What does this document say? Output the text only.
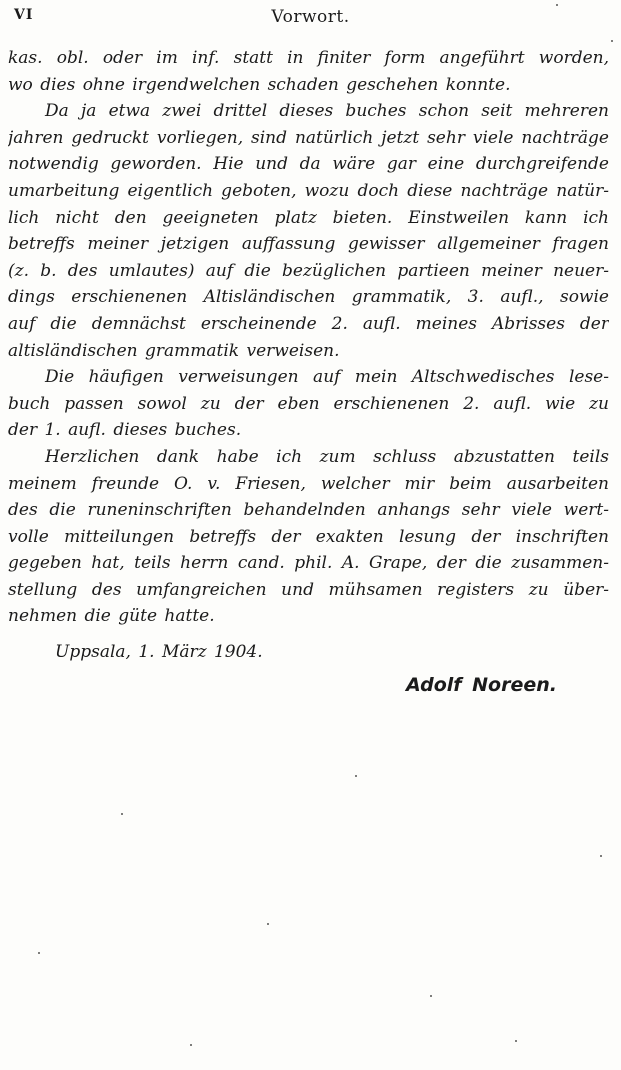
VI	Vorwort.
kas. obl. oder im inf. statt in finiter form angeführt worden,
wo dies ohne irgendwelchen schaden geschehen konnte.
Da ja etwa zwei drittel dieses buches schon seit mehreren
jahren gedruckt vorliegen, sind natürlich jetzt sehr viele nachträge
notwendig geworden. Hie und da wäre gar eine durchgreifende
umarbeitung eigentlich geboten, wozu doch diese nachträge natür-
lich nicht den geeigneten platz bieten. Einstweilen kann ich
betreffs meiner jetzigen auffassung gewisser allgemeiner fragen
(z. b. des umlautes) auf die bezüglichen partieen meiner neuer-
dings erschienenen Altisländischen grammatik, 3. aufl., sowie
auf die demnächst erscheinende 2. aufl. meines Abrisses der
altisländischen grammatik verweisen.
Die häufigen verweisungen auf mein Altschwedisches lese-
buch passen sowol zu der eben erschienenen 2. aufl. wie zu
der 1. aufl. dieses buches.
Herzlichen dank habe ich zum schluss abzustatten teils
meinem freunde O. v. Friesen, welcher mir beim ausarbeiten
des die runeninschriften behandelnden anhangs sehr viele wert-
volle mitteilungen betreffs der exakten lesung der inschriften
gegeben hat, teils herrn cand. phil. A. Grape, der die zusammen-
stellung des umfangreichen und mühsamen registers zu über-
nehmen die güte hatte.
Uppsala, 1. März 1904.
Adolf Noreen.
